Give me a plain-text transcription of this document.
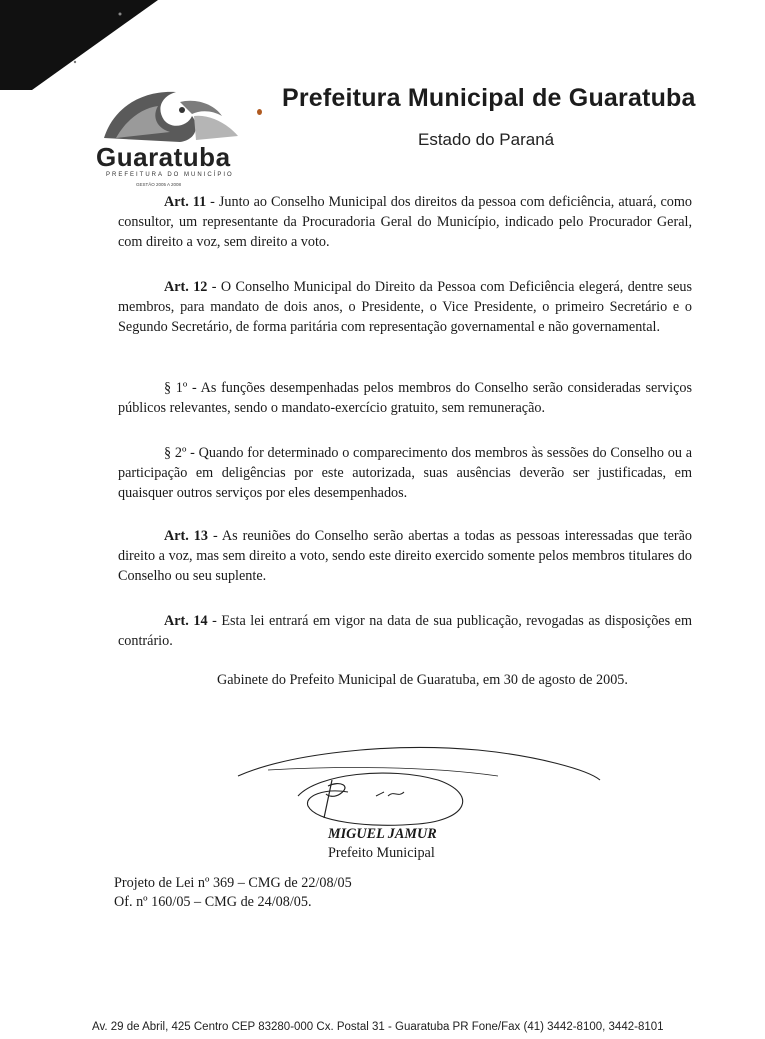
Guaratuba
PREFEITURA DO MUNICÍPIO
GESTÃO 2005 A 2008
Prefeitura Municipal de Guaratuba
Estado do Paraná
Art. 11 - Junto ao Conselho Municipal dos direitos da pessoa com deficiência, atuará, como consultor, um representante da Procuradoria Geral do Município, indicado pelo Procurador Geral, com direito a voz, sem direito a voto.
Art. 12 - O Conselho Municipal do Direito da Pessoa com Deficiência elegerá, dentre seus membros, para mandato de dois anos, o Presidente, o Vice Presidente, o primeiro Secretário e o Segundo Secretário, de forma paritária com representação governamental e não governamental.
§ 1º - As funções desempenhadas pelos membros do Conselho serão consideradas serviços públicos relevantes, sendo o mandato-exercício gratuito, sem remuneração.
§ 2º - Quando for determinado o comparecimento dos membros às sessões do Conselho ou a participação em deligências por este autorizada, suas ausências deverão ser justificadas, em quaisquer outros serviços por eles desempenhados.
Art. 13 - As reuniões do Conselho serão abertas a todas as pessoas interessadas que terão direito a voz, mas sem direito a voto, sendo este direito exercido somente pelos membros titulares do Conselho ou seu suplente.
Art. 14 - Esta lei entrará em vigor na data de sua publicação, revogadas as disposições em contrário.
Gabinete do Prefeito Municipal de Guaratuba, em 30 de agosto de 2005.
MIGUEL JAMUR
Prefeito Municipal
Projeto de Lei nº 369 – CMG de 22/08/05
Of. nº 160/05 – CMG de 24/08/05.
Av. 29 de Abril, 425 Centro CEP 83280-000 Cx. Postal 31 - Guaratuba PR Fone/Fax (41) 3442-8100, 3442-8101
